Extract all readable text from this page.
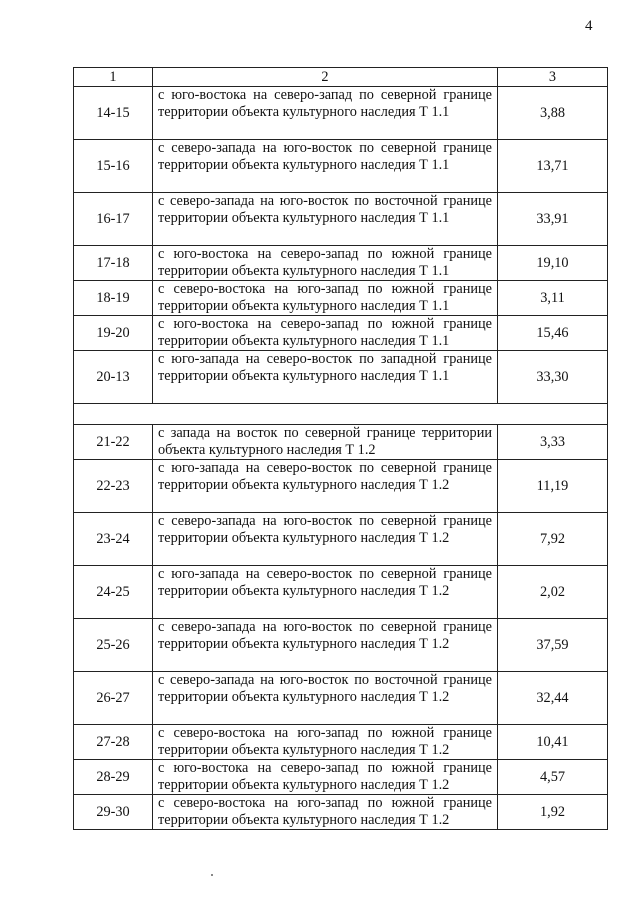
4
1	2	3
14-15	с юго-востока на северо-запад по северной границе территории объекта культурного наследия Т 1.1	3,88
15-16	с северо-запада на юго-восток по северной границе территории объекта культурного наследия Т 1.1	13,71
16-17	с северо-запада на юго-восток по восточной границе территории объекта культурного наследия Т 1.1	33,91
17-18	с юго-востока на северо-запад по южной границе территории объекта культурного наследия Т 1.1	19,10
18-19	с северо-востока на юго-запад по южной границе территории объекта культурного наследия Т 1.1	3,11
19-20	с юго-востока на северо-запад по южной границе территории объекта культурного наследия Т 1.1	15,46
20-13	с юго-запада на северо-восток по западной границе территории объекта культурного наследия Т 1.1	33,30

21-22	с запада на восток по северной границе территории объекта культурного наследия Т 1.2	3,33
22-23	с юго-запада на северо-восток по северной границе территории объекта культурного наследия Т 1.2	11,19
23-24	с северо-запада на юго-восток по северной границе территории объекта культурного наследия Т 1.2	7,92
24-25	с юго-запада на северо-восток по северной границе территории объекта культурного наследия Т 1.2	2,02
25-26	с северо-запада на юго-восток по северной границе территории объекта культурного наследия Т 1.2	37,59
26-27	с северо-запада на юго-восток по восточной границе территории объекта культурного наследия Т 1.2	32,44
27-28	с северо-востока на юго-запад по южной границе территории объекта культурного наследия Т 1.2	10,41
28-29	с юго-востока на северо-запад по южной границе территории объекта культурного наследия Т 1.2	4,57
29-30	с северо-востока на юго-запад по южной границе территории объекта культурного наследия Т 1.2	1,92
